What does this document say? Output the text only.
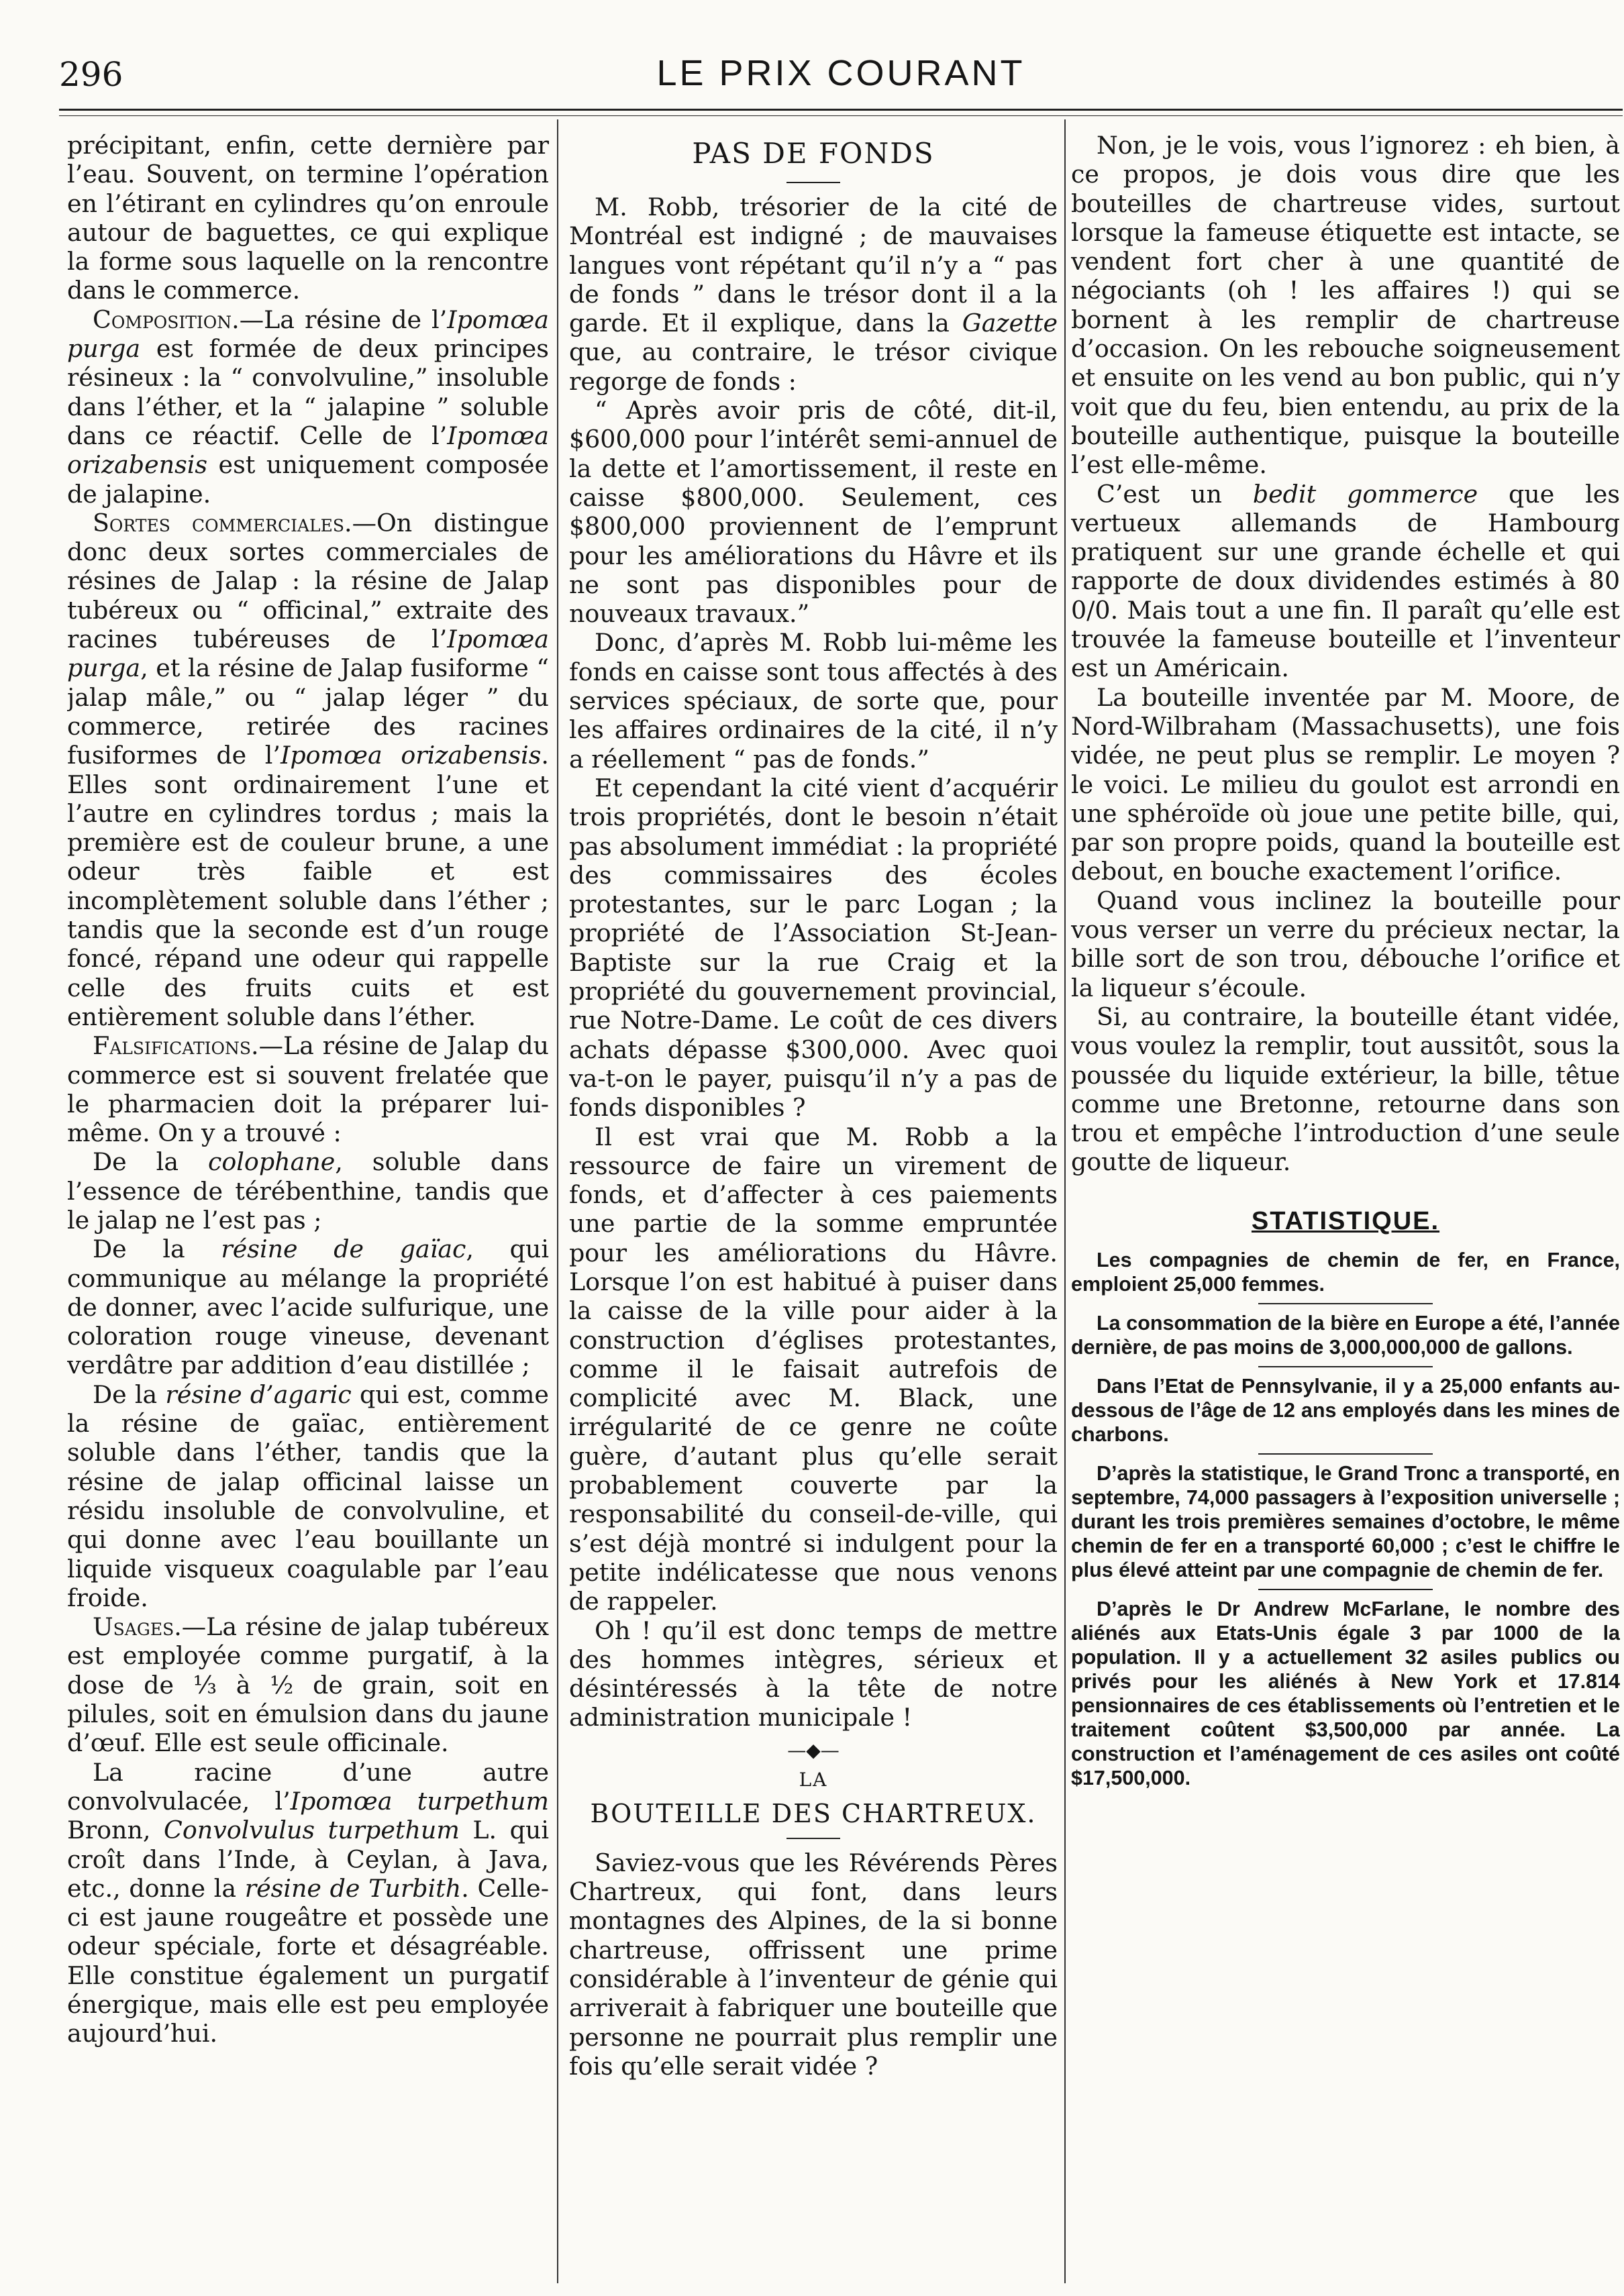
296	LE PRIX COURANT

précipitant, enfin, cette dernière par l’eau. Souvent, on termine l’opération en l’étirant en cylindres qu’on enroule autour de baguettes, ce qui explique la forme sous laquelle on la rencontre dans le commerce.

Composition.—La résine de l’Ipomœa purga est formée de deux principes résineux : la “ convolvuline,” insoluble dans l’éther, et la “ jalapine ” soluble dans ce réactif. Celle de l’Ipomœa orizabensis est uniquement composée de jalapine.

Sortes commerciales.—On distingue donc deux sortes commerciales de résines de Jalap : la résine de Jalap tubéreux ou “ officinal,” extraite des racines tubéreuses de l’Ipomœa purga, et la résine de Jalap fusiforme “ jalap mâle,” ou “ jalap léger ” du commerce, retirée des racines fusiformes de l’Ipomœa orizabensis. Elles sont ordinairement l’une et l’autre en cylindres tordus ; mais la première est de couleur brune, a une odeur très faible et est incomplètement soluble dans l’éther ; tandis que la seconde est d’un rouge foncé, répand une odeur qui rappelle celle des fruits cuits et est entièrement soluble dans l’éther.

Falsifications.—La résine de Jalap du commerce est si souvent frelatée que le pharmacien doit la préparer lui-même. On y a trouvé :

De la colophane, soluble dans l’essence de térébenthine, tandis que le jalap ne l’est pas ;

De la résine de gaïac, qui communique au mélange la propriété de donner, avec l’acide sulfurique, une coloration rouge vineuse, devenant verdâtre par addition d’eau distillée ;

De la résine d’agaric qui est, comme la résine de gaïac, entièrement soluble dans l’éther, tandis que la résine de jalap officinal laisse un résidu insoluble de convolvuline, et qui donne avec l’eau bouillante un liquide visqueux coagulable par l’eau froide.

Usages.—La résine de jalap tubéreux est employée comme purgatif, à la dose de ⅓ à ½ de grain, soit en pilules, soit en émulsion dans du jaune d’œuf. Elle est seule officinale.

La racine d’une autre convolvulacée, l’Ipomœa turpethum Bronn, Convolvulus turpethum L. qui croît dans l’Inde, à Ceylan, à Java, etc., donne la résine de Turbith. Celle-ci est jaune rougeâtre et possède une odeur spéciale, forte et désagréable. Elle constitue également un purgatif énergique, mais elle est peu employée aujourd’hui.

PAS DE FONDS

M. Robb, trésorier de la cité de Montréal est indigné ; de mauvaises langues vont répétant qu’il n’y a “ pas de fonds ” dans le trésor dont il a la garde. Et il explique, dans la Gazette que, au contraire, le trésor civique regorge de fonds :

“ Après avoir pris de côté, dit-il, $600,000 pour l’intérêt semi-annuel de la dette et l’amortissement, il reste en caisse $800,000. Seulement, ces $800,000 proviennent de l’emprunt pour les améliorations du Hâvre et ils ne sont pas disponibles pour de nouveaux travaux.”

Donc, d’après M. Robb lui-même les fonds en caisse sont tous affectés à des services spéciaux, de sorte que, pour les affaires ordinaires de la cité, il n’y a réellement “ pas de fonds.”

Et cependant la cité vient d’acquérir trois propriétés, dont le besoin n’était pas absolument immédiat : la propriété des commissaires des écoles protestantes, sur le parc Logan ; la propriété de l’Association St-Jean-Baptiste sur la rue Craig et la propriété du gouvernement provincial, rue Notre-Dame. Le coût de ces divers achats dépasse $300,000. Avec quoi va-t-on le payer, puisqu’il n’y a pas de fonds disponibles ?

Il est vrai que M. Robb a la ressource de faire un virement de fonds, et d’affecter à ces paiements une partie de la somme empruntée pour les améliorations du Hâvre. Lorsque l’on est habitué à puiser dans la caisse de la ville pour aider à la construction d’églises protestantes, comme il le faisait autrefois de complicité avec M. Black, une irrégularité de ce genre ne coûte guère, d’autant plus qu’elle serait probablement couverte par la responsabilité du conseil-de-ville, qui s’est déjà montré si indulgent pour la petite indélicatesse que nous venons de rappeler.

Oh ! qu’il est donc temps de mettre des hommes intègres, sérieux et désintéressés à la tête de notre administration municipale !

—◆—

LA

BOUTEILLE DES CHARTREUX.

Saviez-vous que les Révérends Pères Chartreux, qui font, dans leurs montagnes des Alpines, de la si bonne chartreuse, offrissent une prime considérable à l’inventeur de génie qui arriverait à fabriquer une bouteille que personne ne pourrait plus remplir une fois qu’elle serait vidée ?

Non, je le vois, vous l’ignorez : eh bien, à ce propos, je dois vous dire que les bouteilles de chartreuse vides, surtout lorsque la fameuse étiquette est intacte, se vendent fort cher à une quantité de négociants (oh ! les affaires !) qui se bornent à les remplir de chartreuse d’occasion. On les rebouche soigneusement et ensuite on les vend au bon public, qui n’y voit que du feu, bien entendu, au prix de la bouteille authentique, puisque la bouteille l’est elle-même.

C’est un bedit gommerce que les vertueux allemands de Hambourg pratiquent sur une grande échelle et qui rapporte de doux dividendes estimés à 80 0/0. Mais tout a une fin. Il paraît qu’elle est trouvée la fameuse bouteille et l’inventeur est un Américain.

La bouteille inventée par M. Moore, de Nord-Wilbraham (Massachusetts), une fois vidée, ne peut plus se remplir. Le moyen ? le voici. Le milieu du goulot est arrondi en une sphéroïde où joue une petite bille, qui, par son propre poids, quand la bouteille est debout, en bouche exactement l’orifice.

Quand vous inclinez la bouteille pour vous verser un verre du précieux nectar, la bille sort de son trou, débouche l’orifice et la liqueur s’écoule.

Si, au contraire, la bouteille étant vidée, vous voulez la remplir, tout aussitôt, sous la poussée du liquide extérieur, la bille, têtue comme une Bretonne, retourne dans son trou et empêche l’introduction d’une seule goutte de liqueur.

STATISTIQUE.

Les compagnies de chemin de fer, en France, emploient 25,000 femmes.

La consommation de la bière en Europe a été, l’année dernière, de pas moins de 3,000,000,000 de gallons.

Dans l’Etat de Pennsylvanie, il y a 25,000 enfants au-dessous de l’âge de 12 ans employés dans les mines de charbons.

D’après la statistique, le Grand Tronc a transporté, en septembre, 74,000 passagers à l’exposition universelle ; durant les trois premières semaines d’octobre, le même chemin de fer en a transporté 60,000 ; c’est le chiffre le plus élevé atteint par une compagnie de chemin de fer.

D’après le Dr Andrew McFarlane, le nombre des aliénés aux Etats-Unis égale 3 par 1000 de la population. Il y a actuellement 32 asiles publics ou privés pour les aliénés à New York et 17.814 pensionnaires de ces établissements où l’entretien et le traitement coûtent $3,500,000 par année. La construction et l’aménagement de ces asiles ont coûté $17,500,000.
